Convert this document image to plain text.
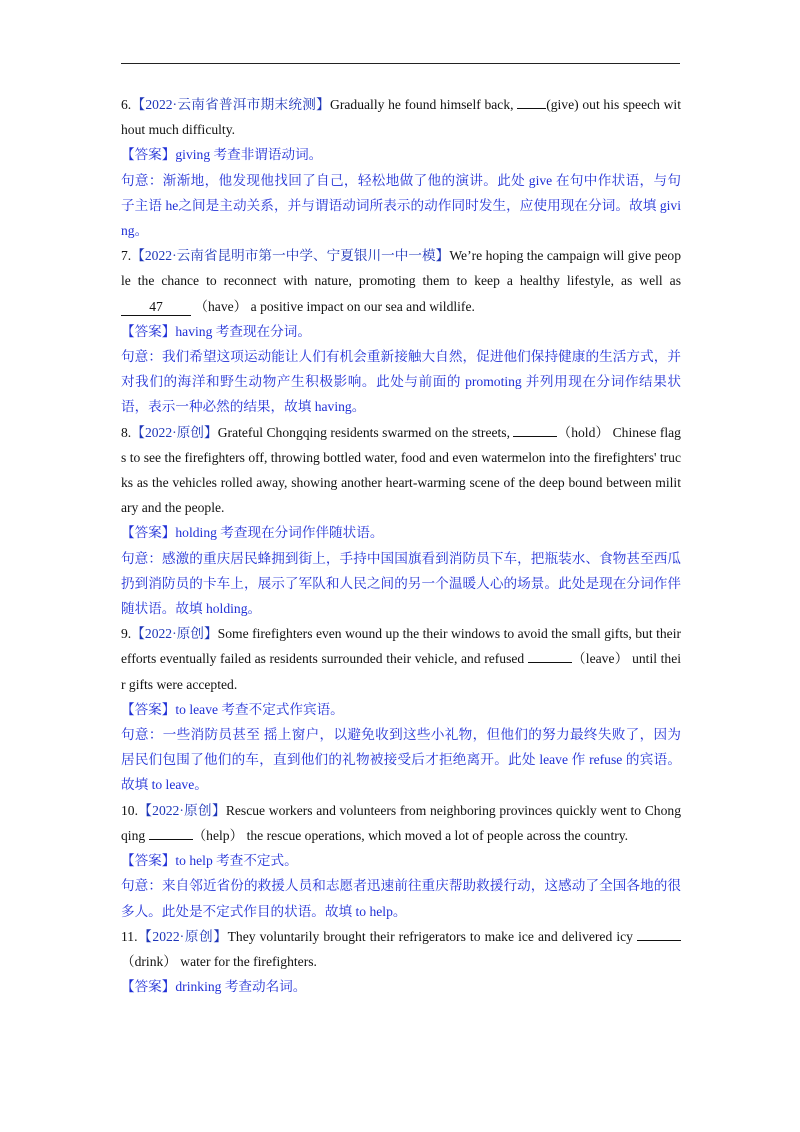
6.【2022·云南省普洱市期末统测】Gradually he found himself back, (give) out his speech without much difficulty.

【答案】giving 考查非谓语动词。

句意：渐渐地，他发现他找回了自己，轻松地做了他的演讲。此处 give 在句中作状语，与句子主语 he之间是主动关系，并与谓语动词所表示的动作同时发生，应使用现在分词。故填 giving。

7.【2022·云南省昆明市第一中学、宁夏银川一中一模】We’re hoping the campaign will give people the chance to reconnect with nature, promoting them to keep a healthy lifestyle, as well as 47 （have） a positive impact on our sea and wildlife.

【答案】having 考查现在分词。

句意：我们希望这项运动能让人们有机会重新接触大自然，促进他们保持健康的生活方式，并对我们的海洋和野生动物产生积极影响。此处与前面的 promoting 并列用现在分词作结果状语，表示一种必然的结果，故填 having。

8.【2022·原创】Grateful Chongqing residents swarmed on the streets,	（hold） Chinese flags to see the firefighters off, throwing bottled water, food and even watermelon into the firefighters' trucks as the vehicles rolled away, showing another heart-warming scene of the deep bound between military and the people.

【答案】holding 考查现在分词作伴随状语。

句意：感激的重庆居民蜂拥到街上，手持中国国旗看到消防员下车，把瓶装水、食物甚至西瓜扔到消防员的卡车上，展示了军队和人民之间的另一个温暖人心的场景。此处是现在分词作伴随状语。故填 holding。

9.【2022·原创】Some firefighters even wound up the their windows to avoid the small gifts, but their efforts eventually failed as residents surrounded their vehicle, and refused	（leave） until their gifts were accepted.

【答案】to leave 考查不定式作宾语。

句意：一些消防员甚至 摇上窗户，以避免收到这些小礼物，但他们的努力最终失败了，因为居民们包围了他们的车，直到他们的礼物被接受后才拒绝离开。此处 leave 作 refuse 的宾语。故填 to leave。

10.【2022·原创】Rescue workers and volunteers from neighboring provinces quickly went to Chongqing	（help） the rescue operations, which moved a lot of people across the country.

【答案】to help 考查不定式。

句意：来自邻近省份的救援人员和志愿者迅速前往重庆帮助救援行动，这感动了全国各地的很多人。此处是不定式作目的状语。故填 to help。

11.【2022·原创】They voluntarily brought their refrigerators to make ice and delivered icy （drink） water for the firefighters.

【答案】drinking 考查动名词。
